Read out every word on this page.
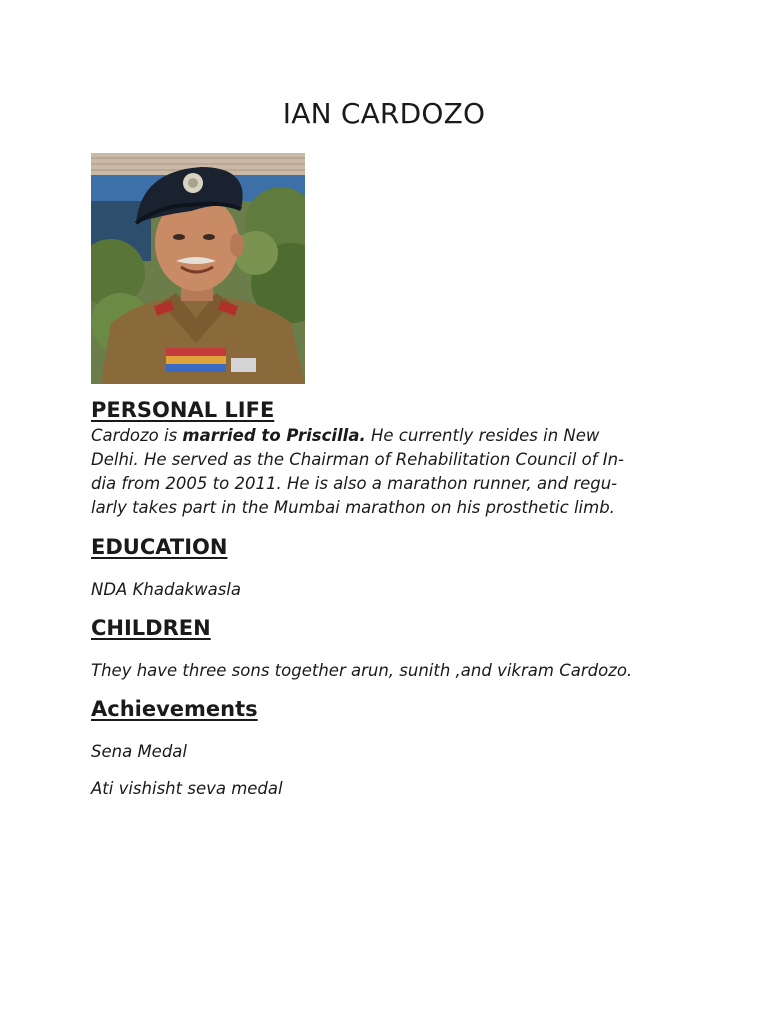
IAN CARDOZO
PERSONAL LIFE

Cardozo is married to Priscilla. He currently resides in New
Delhi. He served as the Chairman of Rehabilitation Council of In-
dia from 2005 to 2011. He is also a marathon runner, and regu-
larly takes part in the Mumbai marathon on his prosthetic limb.

EDUCATION

NDA Khadakwasla

CHILDREN

They have three sons together arun, sunith ,and vikram Cardozo.

Achievements

Sena Medal

Ati vishisht seva medal
